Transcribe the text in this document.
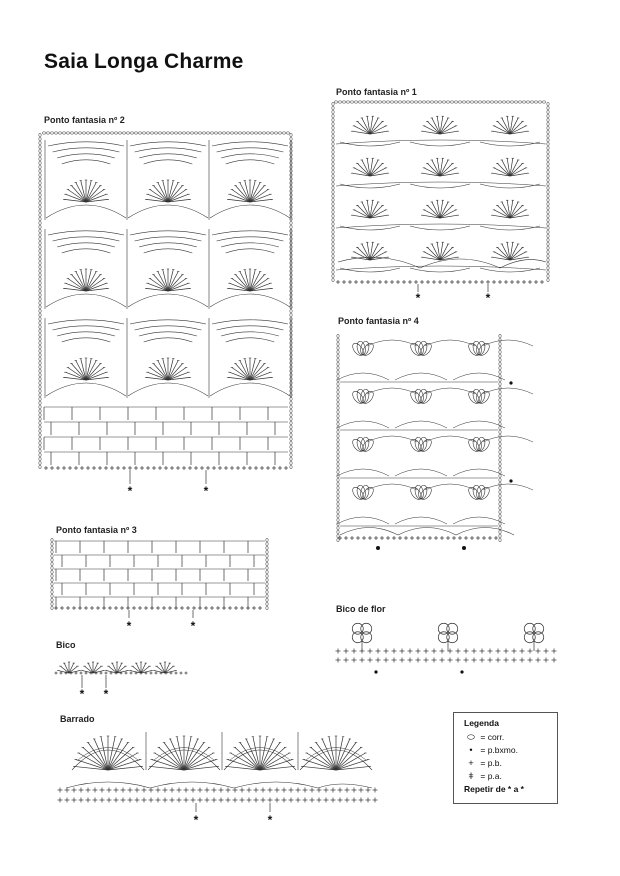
Saia Longa Charme
Ponto fantasia nº 2
Ponto fantasia nº 1
Ponto fantasia nº 4
Ponto fantasia nº 3
Bico
Bico de flor
Barrado
*	*
*	*
*	*
* *
*	*
Legenda
⬭ = corr.
• = p.bxmo.
+ = p.b.
ǂ = p.a.
Repetir de * a *
